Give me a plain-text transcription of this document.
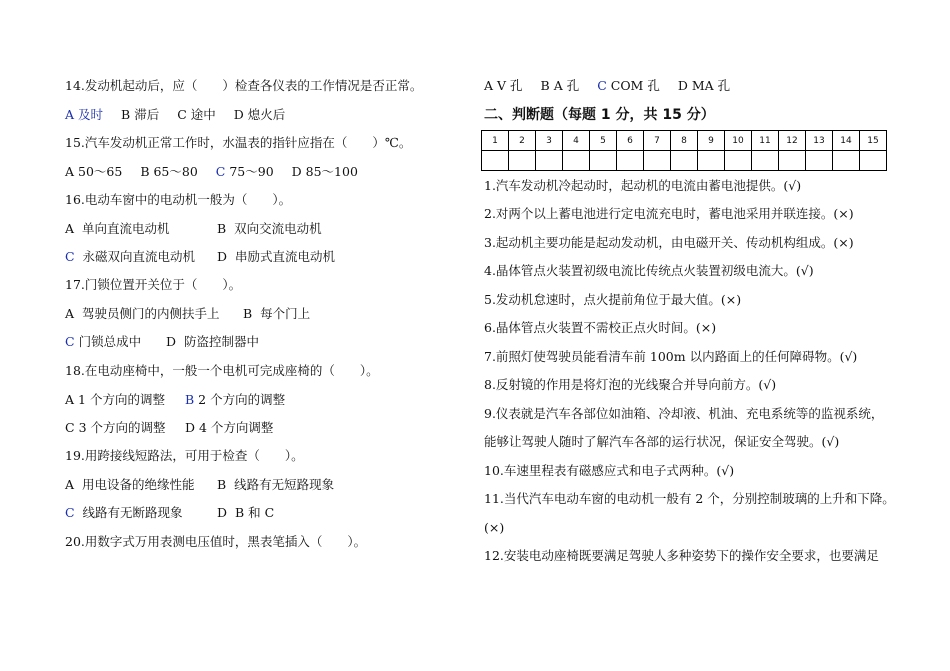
14.发动机起动后，应（　　）检查各仪表的工作情况是否正常。
A 及时 B 滞后 C 途中 D 熄火后
15.汽车发动机正常工作时，水温表的指针应指在（　　）℃。
A 50～65 B 65～80 C 75～90 D 85～100
16.电动车窗中的电动机一般为（　　）。
A 单向直流电动机	B 双向交流电动机
C 永磁双向直流电动机 D 串励式直流电动机
17.门锁位置开关位于（　　）。
A 驾驶员侧门的内侧扶手上 B 每个门上
C 门锁总成中 D 防盗控制器中
18.在电动座椅中，一般一个电机可完成座椅的（　　）。
A 1 个方向的调整 B 2 个方向的调整
C 3 个方向的调整 D 4 个方向调整
19.用跨接线短路法，可用于检查（　　）。
A 用电设备的绝缘性能 B 线路有无短路现象
C 线路有无断路现象	D B 和 C
20.用数字式万用表测电压值时，黑表笔插入（　　）。
A V 孔 B A 孔 C COM 孔 D MA 孔
二、判断题（每题 1 分，共 15 分）
1	2	3	4	5	6	7	8	9	10	11	12	13	14	15

1.汽车发动机冷起动时，起动机的电流由蓄电池提供。(√)
2.对两个以上蓄电池进行定电流充电时，蓄电池采用并联连接。(×)
3.起动机主要功能是起动发动机，由电磁开关、传动机构组成。(×)
4.晶体管点火装置初级电流比传统点火装置初级电流大。(√)
5.发动机怠速时，点火提前角位于最大值。(×)
6.晶体管点火装置不需校正点火时间。(×)
7.前照灯使驾驶员能看清车前 100m 以内路面上的任何障碍物。(√)
8.反射镜的作用是将灯泡的光线聚合并导向前方。(√)
9.仪表就是汽车各部位如油箱、冷却液、机油、充电系统等的监视系统，
能够让驾驶人随时了解汽车各部的运行状况，保证安全驾驶。(√)
10.车速里程表有磁感应式和电子式两种。(√)
11.当代汽车电动车窗的电动机一般有 2 个，分别控制玻璃的上升和下降。
(×)
12.安装电动座椅既要满足驾驶人多种姿势下的操作安全要求，也要满足
